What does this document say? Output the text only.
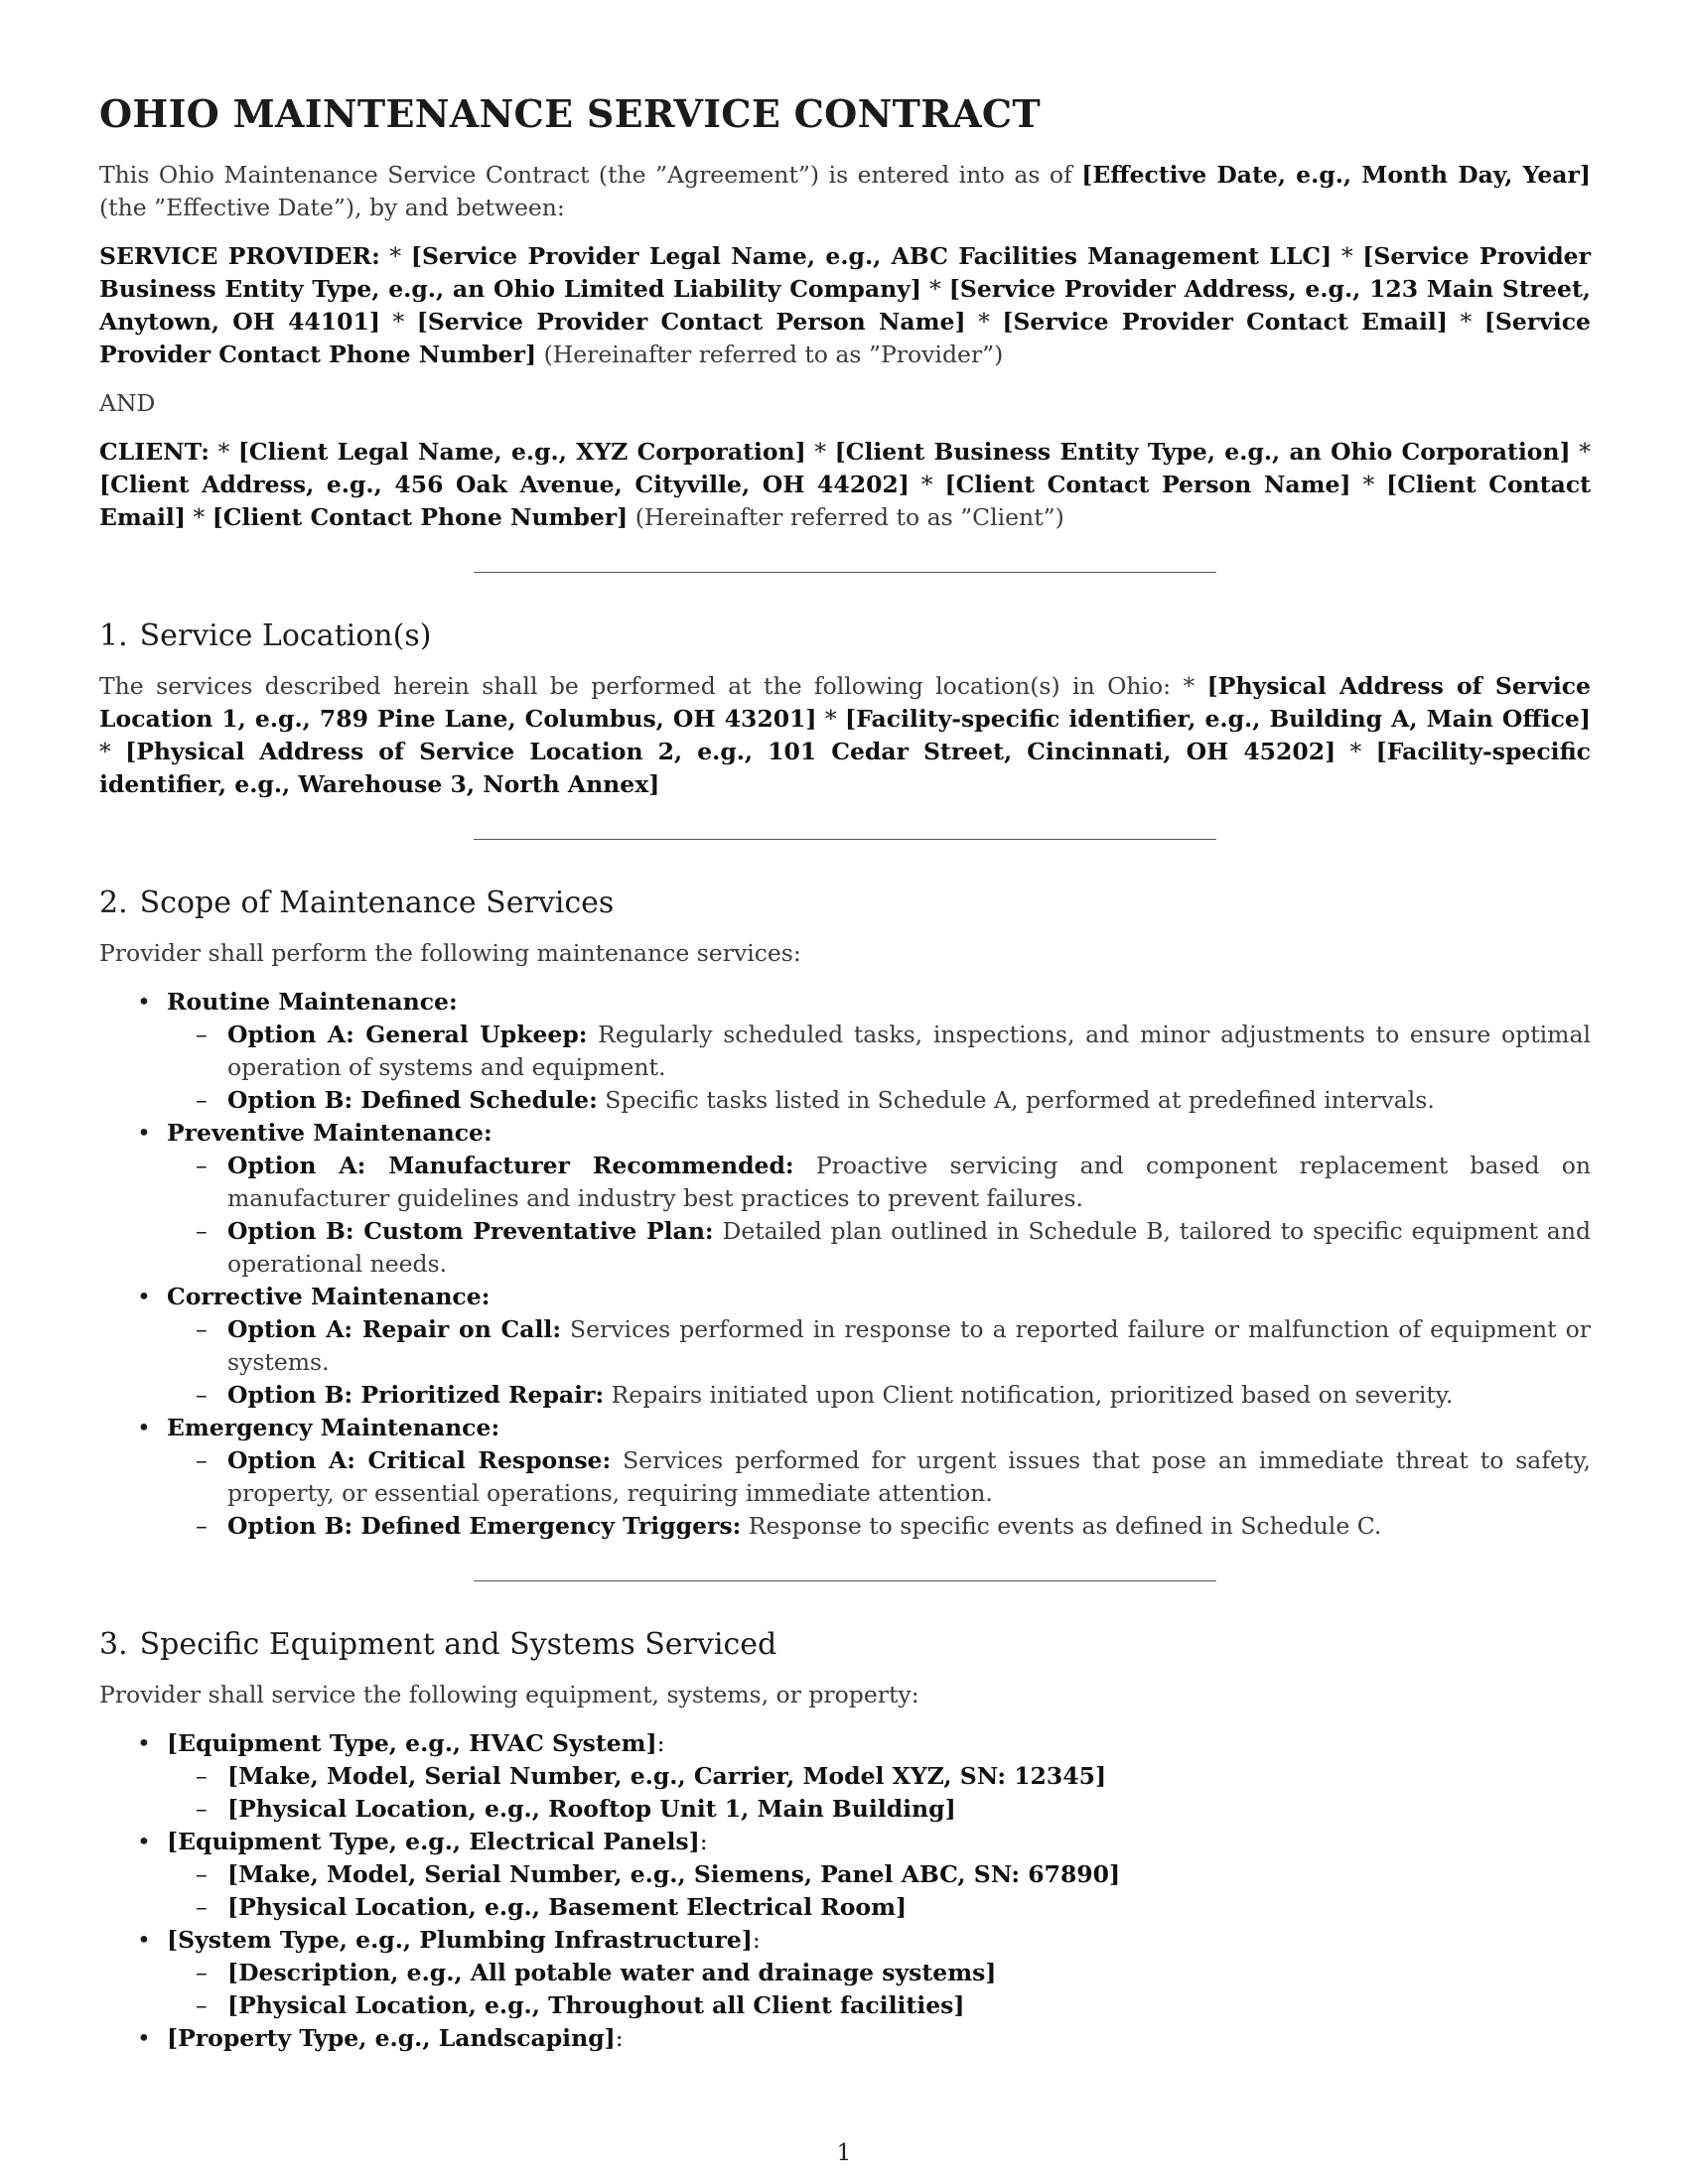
OHIO MAINTENANCE SERVICE CONTRACT

This Ohio Maintenance Service Contract (the ”Agreement”) is entered into as of [Effective Date, e.g., Month Day, Year] (the ”Effective Date”), by and between:

SERVICE PROVIDER: * [Service Provider Legal Name, e.g., ABC Facilities Management LLC] * [Service Provider Business Entity Type, e.g., an Ohio Limited Liability Company] * [Service Provider Address, e.g., 123 Main Street, Anytown, OH 44101] * [Service Provider Contact Person Name] * [Service Provider Contact Email] * [Service Provider Contact Phone Number] (Hereinafter referred to as ”Provider”)

AND

CLIENT: * [Client Legal Name, e.g., XYZ Corporation] * [Client Business Entity Type, e.g., an Ohio Corporation] * [Client Address, e.g., 456 Oak Avenue, Cityville, OH 44202] * [Client Contact Person Name] * [Client Contact Email] * [Client Contact Phone Number] (Hereinafter referred to as ”Client”)

1. Service Location(s)

The services described herein shall be performed at the following location(s) in Ohio: * [Physical Address of Service Location 1, e.g., 789 Pine Lane, Columbus, OH 43201] * [Facility-specific identifier, e.g., Building A, Main Office] * [Physical Address of Service Location 2, e.g., 101 Cedar Street, Cincinnati, OH 45202] * [Facility-specific identifier, e.g., Warehouse 3, North Annex]

2. Scope of Maintenance Services

Provider shall perform the following maintenance services:

• Routine Maintenance:
– Option A: General Upkeep: Regularly scheduled tasks, inspections, and minor adjustments to ensure optimal operation of systems and equipment.
– Option B: Defined Schedule: Specific tasks listed in Schedule A, performed at predefined intervals.
• Preventive Maintenance:
– Option A: Manufacturer Recommended: Proactive servicing and component replacement based on manufacturer guidelines and industry best practices to prevent failures.
– Option B: Custom Preventative Plan: Detailed plan outlined in Schedule B, tailored to specific equipment and operational needs.
• Corrective Maintenance:
– Option A: Repair on Call: Services performed in response to a reported failure or malfunction of equipment or systems.
– Option B: Prioritized Repair: Repairs initiated upon Client notification, prioritized based on severity.
• Emergency Maintenance:
– Option A: Critical Response: Services performed for urgent issues that pose an immediate threat to safety, property, or essential operations, requiring immediate attention.
– Option B: Defined Emergency Triggers: Response to specific events as defined in Schedule C.
3. Specific Equipment and Systems Serviced

Provider shall service the following equipment, systems, or property:

• [Equipment Type, e.g., HVAC System]:
– [Make, Model, Serial Number, e.g., Carrier, Model XYZ, SN: 12345]
– [Physical Location, e.g., Rooftop Unit 1, Main Building]
• [Equipment Type, e.g., Electrical Panels]:
– [Make, Model, Serial Number, e.g., Siemens, Panel ABC, SN: 67890]
– [Physical Location, e.g., Basement Electrical Room]
• [System Type, e.g., Plumbing Infrastructure]:
– [Description, e.g., All potable water and drainage systems]
– [Physical Location, e.g., Throughout all Client facilities]
• [Property Type, e.g., Landscaping]:
1
